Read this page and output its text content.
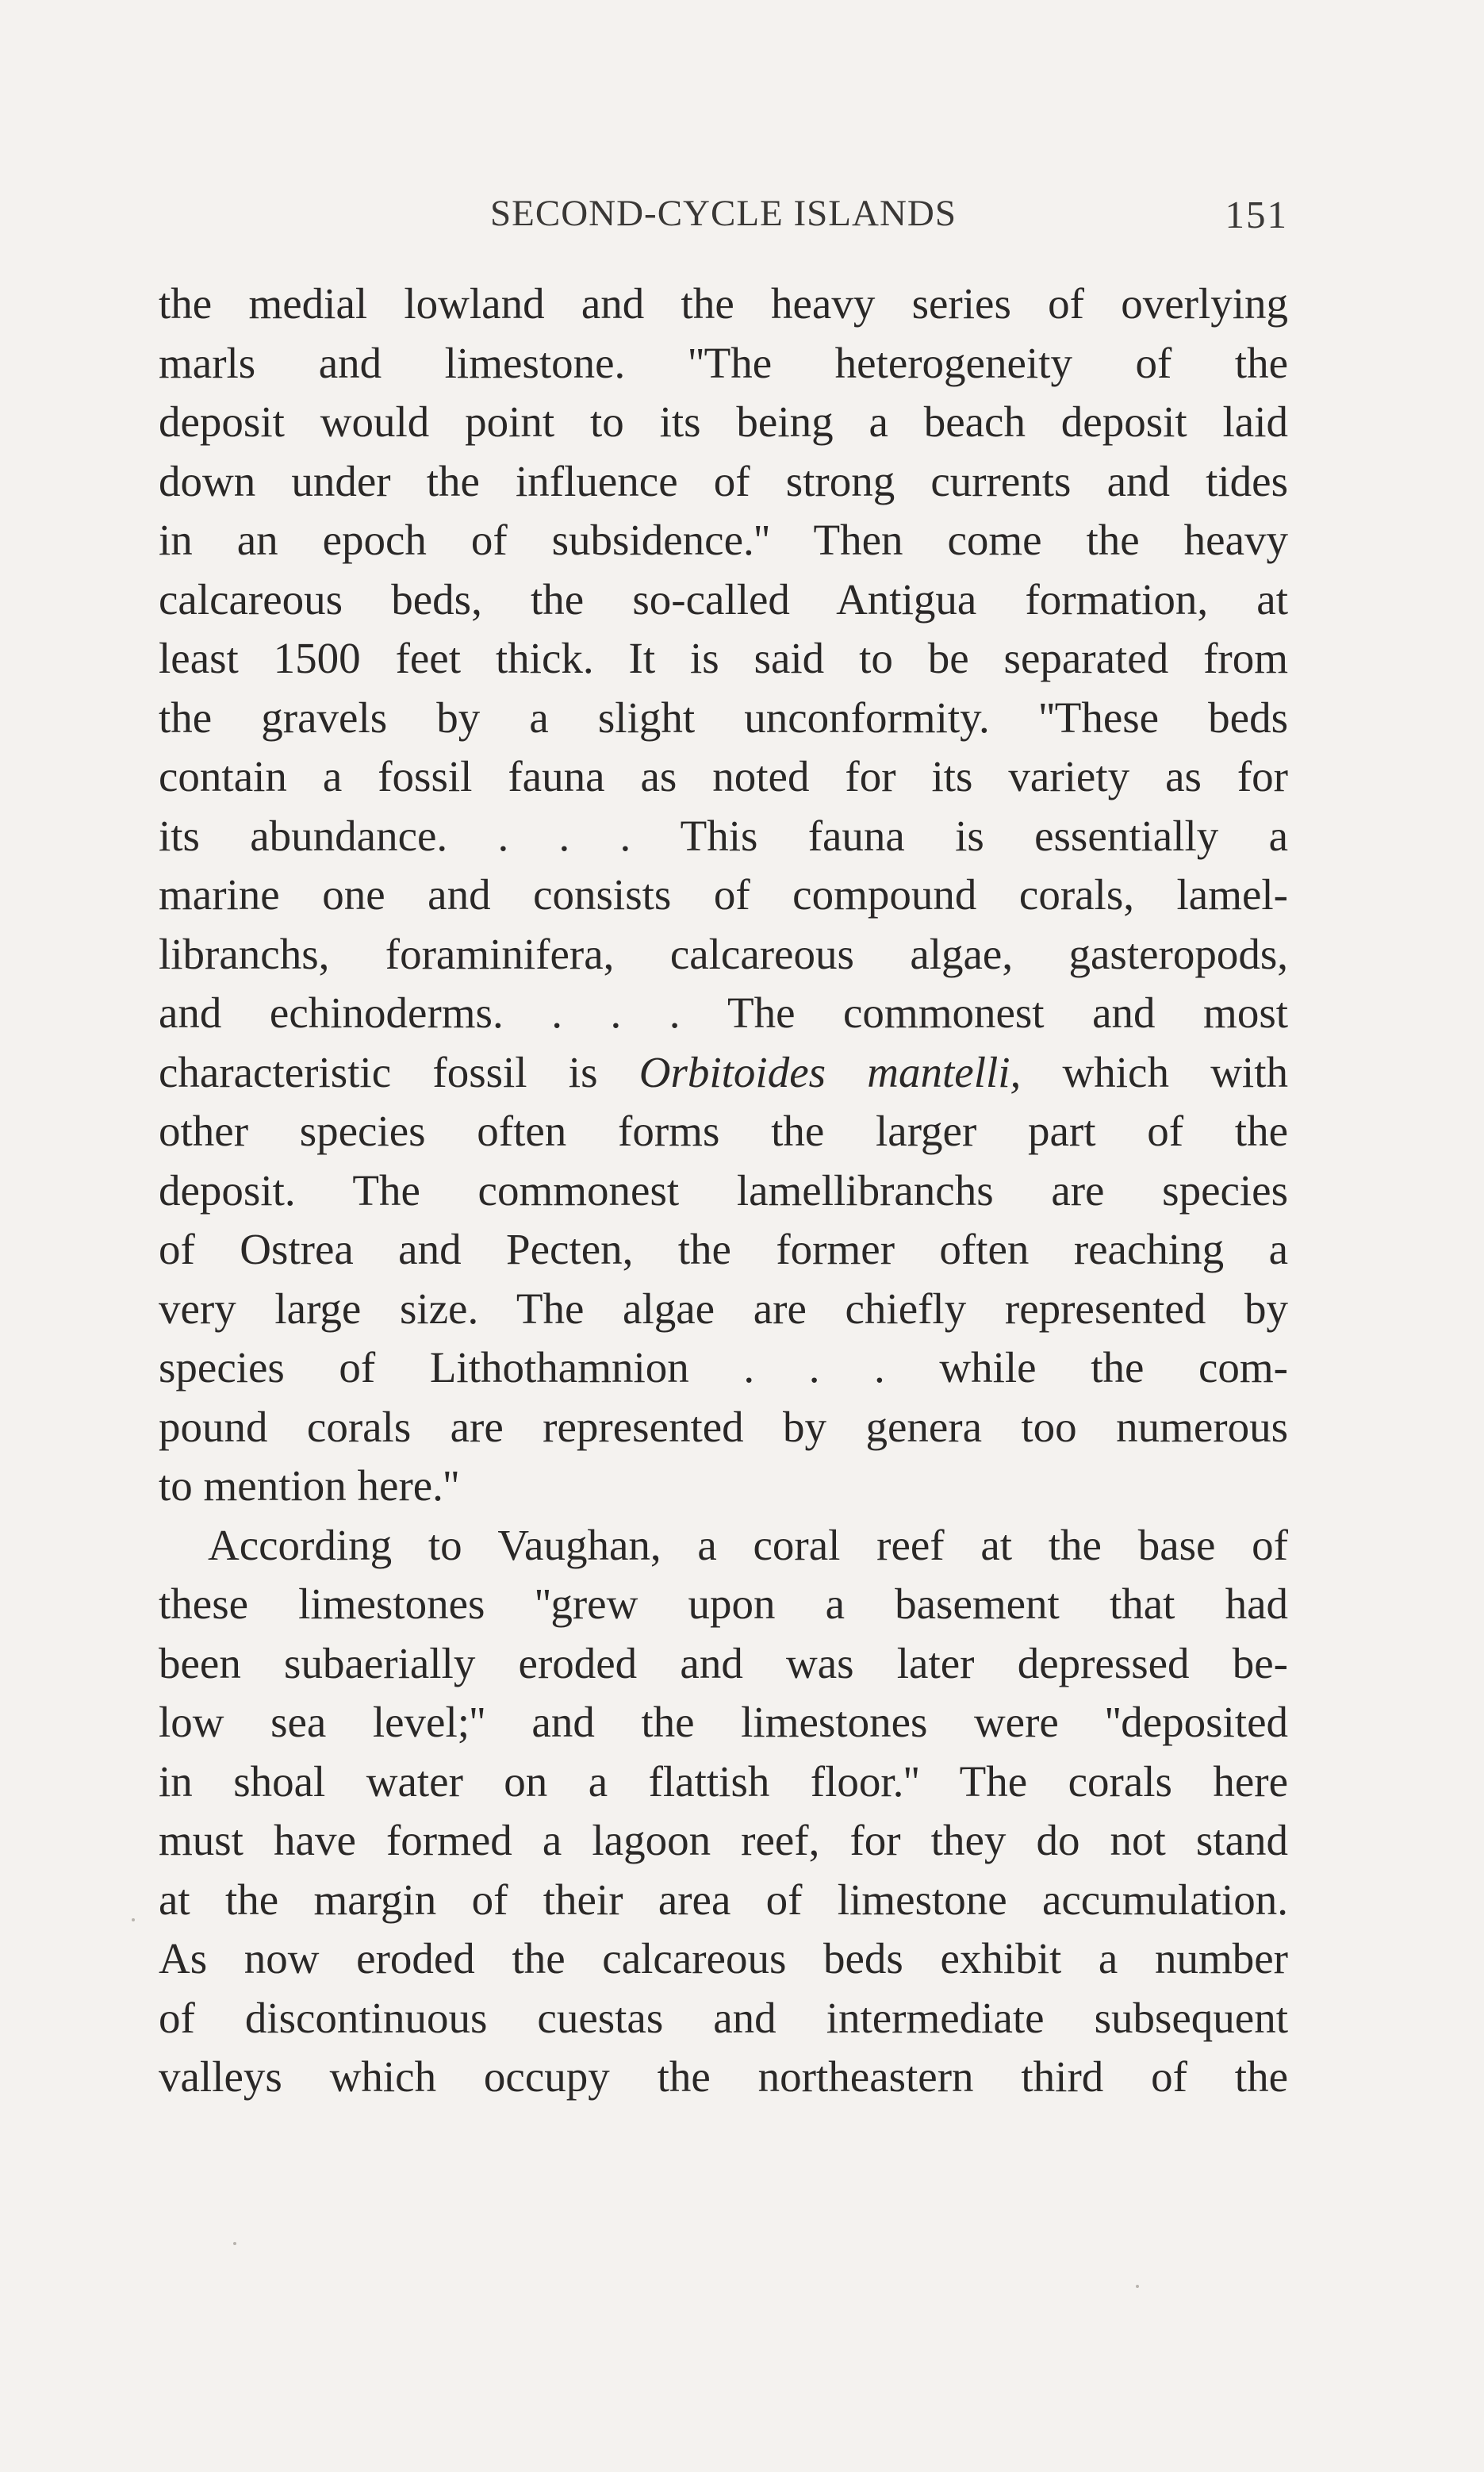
SECOND-CYCLE ISLANDS	151
the medial lowland and the heavy series of overlying
marls and limestone. ''The heterogeneity of the
deposit would point to its being a beach deposit laid
down under the influence of strong currents and tides
in an epoch of subsidence.'' Then come the heavy
calcareous beds, the so-called Antigua formation, at
least 1500 feet thick. It is said to be separated from
the gravels by a slight unconformity. ''These beds
contain a fossil fauna as noted for its variety as for
its abundance. . . . This fauna is essentially a
marine one and consists of compound corals, lamel-
libranchs, foraminifera, calcareous algae, gasteropods,
and echinoderms. . . . The commonest and most
characteristic fossil is Orbitoides mantelli, which with
other species often forms the larger part of the
deposit. The commonest lamellibranchs are species
of Ostrea and Pecten, the former often reaching a
very large size. The algae are chiefly represented by
species of Lithothamnion . . . while the com-
pound corals are represented by genera too numerous
to mention here.''
According to Vaughan, a coral reef at the base of
these limestones ''grew upon a basement that had
been subaerially eroded and was later depressed be-
low sea level;'' and the limestones were ''deposited
in shoal water on a flattish floor.'' The corals here
must have formed a lagoon reef, for they do not stand
at the margin of their area of limestone accumulation.
As now eroded the calcareous beds exhibit a number
of discontinuous cuestas and intermediate subsequent
valleys which occupy the northeastern third of the
